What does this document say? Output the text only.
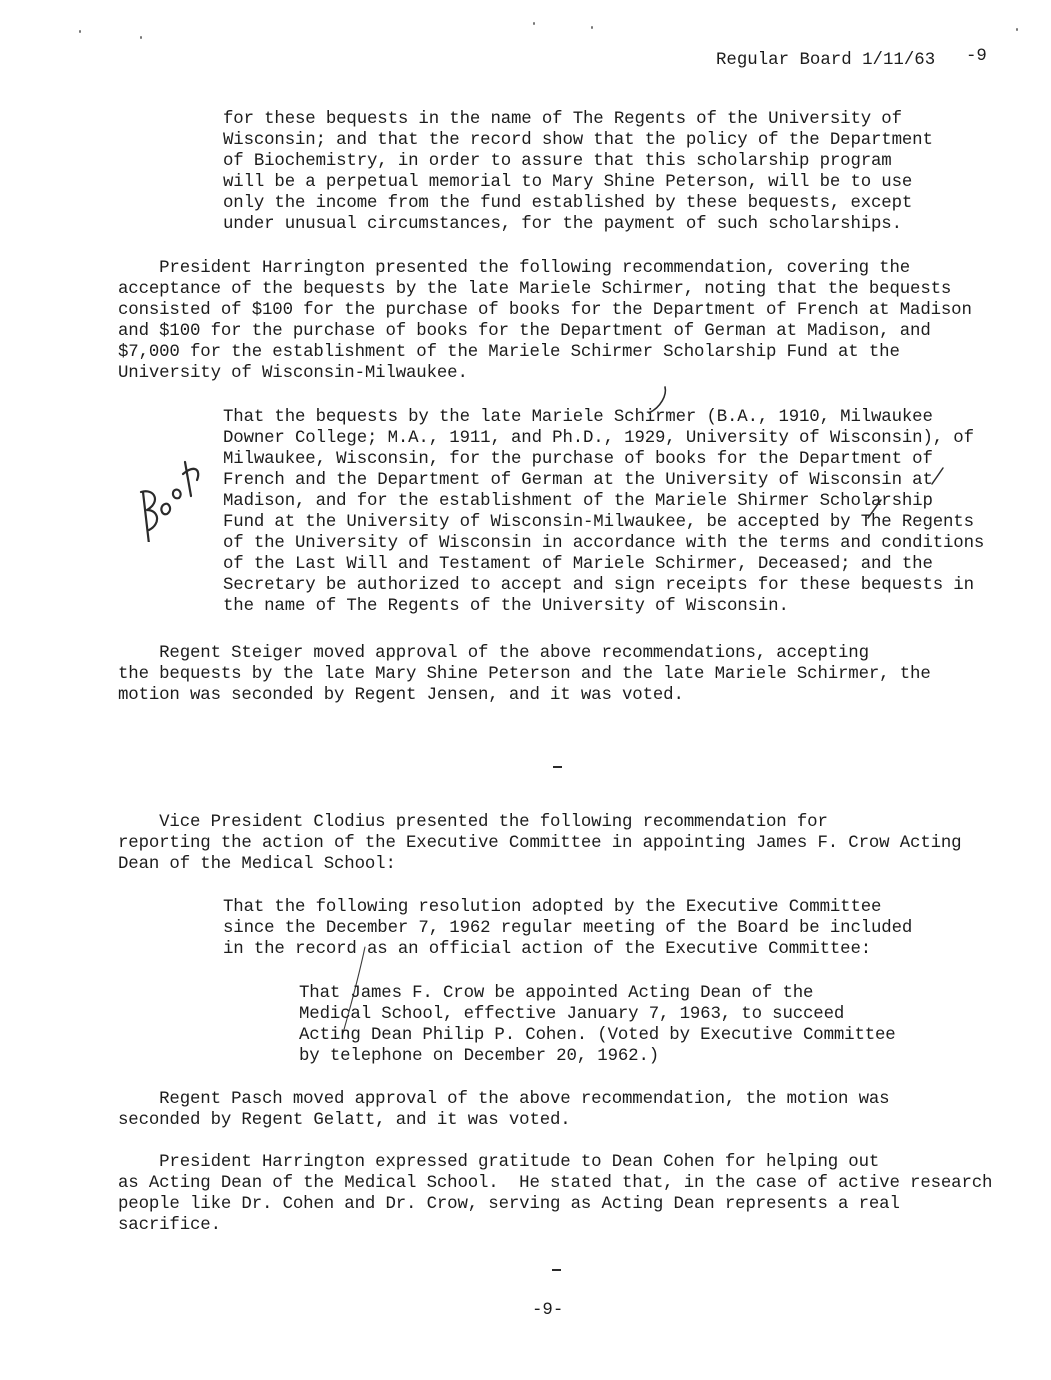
Regular Board 1/11/63 -9
for these bequests in the name of The Regents of the University of
Wisconsin; and that the record show that the policy of the Department
of Biochemistry, in order to assure that this scholarship program
will be a perpetual memorial to Mary Shine Peterson, will be to use
only the income from the fund established by these bequests, except
under unusual circumstances, for the payment of such scholarships.
President Harrington presented the following recommendation, covering the
acceptance of the bequests by the late Mariele Schirmer, noting that the bequests
consisted of $100 for the purchase of books for the Department of French at Madison
and $100 for the purchase of books for the Department of German at Madison, and
$7,000 for the establishment of the Mariele Schirmer Scholarship Fund at the
University of Wisconsin-Milwaukee.
That the bequests by the late Mariele Schirmer (B.A., 1910, Milwaukee
Downer College; M.A., 1911, and Ph.D., 1929, University of Wisconsin), of
Milwaukee, Wisconsin, for the purchase of books for the Department of
French and the Department of German at the University of Wisconsin at
Madison, and for the establishment of the Mariele Shirmer Scholarship
Fund at the University of Wisconsin-Milwaukee, be accepted by The Regents
of the University of Wisconsin in accordance with the terms and conditions
of the Last Will and Testament of Mariele Schirmer, Deceased; and the
Secretary be authorized to accept and sign receipts for these bequests in
the name of The Regents of the University of Wisconsin.
Regent Steiger moved approval of the above recommendations, accepting
the bequests by the late Mary Shine Peterson and the late Mariele Schirmer, the
motion was seconded by Regent Jensen, and it was voted.
Vice President Clodius presented the following recommendation for
reporting the action of the Executive Committee in appointing James F. Crow Acting
Dean of the Medical School:
That the following resolution adopted by the Executive Committee
since the December 7, 1962 regular meeting of the Board be included
in the record as an official action of the Executive Committee:
That James F. Crow be appointed Acting Dean of the
Medical School, effective January 7, 1963, to succeed
Acting Dean Philip P. Cohen. (Voted by Executive Committee
by telephone on December 20, 1962.)
Regent Pasch moved approval of the above recommendation, the motion was
seconded by Regent Gelatt, and it was voted.
President Harrington expressed gratitude to Dean Cohen for helping out
as Acting Dean of the Medical School.  He stated that, in the case of active research
people like Dr. Cohen and Dr. Crow, serving as Acting Dean represents a real
sacrifice.
-9-
